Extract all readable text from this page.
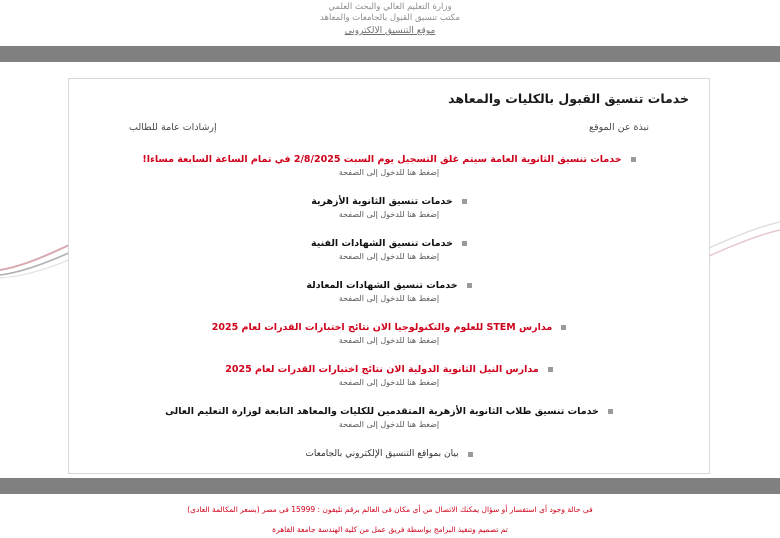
وزارة التعليم العالي والبحث العلمي
مكتب تنسيق القبول بالجامعات والمعاهد
موقع التنسيق الالكتروني
خدمات تنسيق القبول بالكليات والمعاهد
نبذة عن الموقع
إرشادات عامة للطالب
خدمات تنسيق الثانوية العامة سيتم غلق التسجيل يوم السبت 2/8/2025 في تمام الساعة السابعة مساءا!
إضغط هنا للدخول إلى الصفحة
خدمات تنسيق الثانوية الأزهرية
إضغط هنا للدخول إلى الصفحة
خدمات تنسيق الشهادات الفنية
إضغط هنا للدخول إلى الصفحة
خدمات تنسيق الشهادات المعادلة
إضغط هنا للدخول إلى الصفحة
مدارس STEM للعلوم والتكنولوجيا الان نتائج اختبارات القدرات لعام 2025
إضغط هنا للدخول إلى الصفحة
مدارس النيل الثانوية الدولية الان نتائج اختبارات القدرات لعام 2025
إضغط هنا للدخول إلى الصفحة
خدمات تنسيق طلاب الثانوية الأزهرية المتقدمين للكليات والمعاهد التابعة لوزارة التعليم العالى
إضغط هنا للدخول إلى الصفحة
بيان بمواقع التنسيق الإلكتروني بالجامعات
فى حالة وجود أى استفسار أو سؤال يمكنك الاتصال من أى مكان فى العالم برقم تليفون : 15999 فى مصر (بسعر المكالمة العادى)
تم تصميم وتنفيذ البرامج بواسطة فريق عمل من كلية الهندسة جامعة القاهرة
